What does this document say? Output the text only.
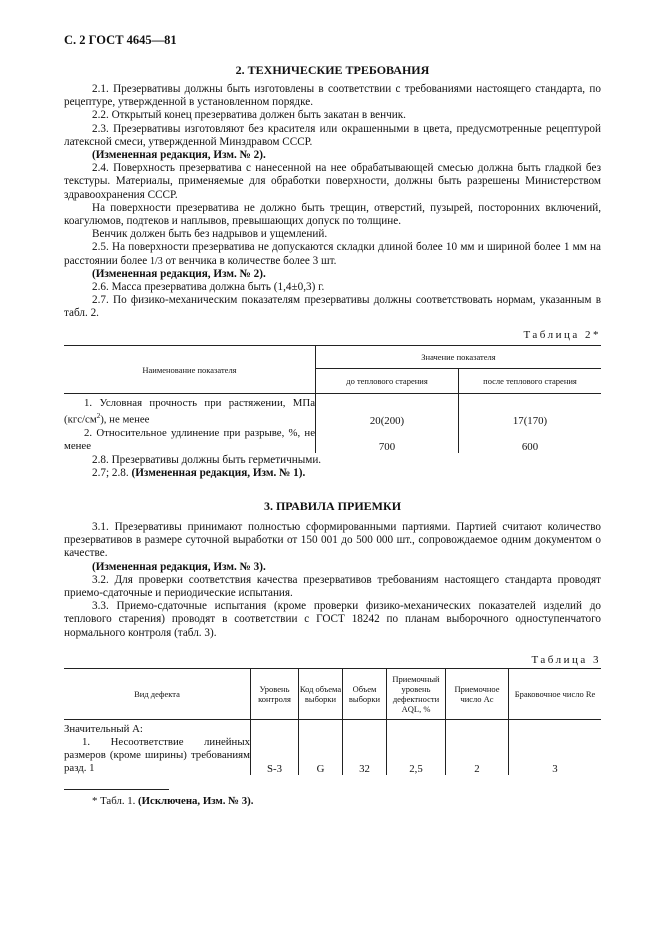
С. 2 ГОСТ 4645—81
2. ТЕХНИЧЕСКИЕ ТРЕБОВАНИЯ

2.1. Презервативы должны быть изготовлены в соответствии с требованиями настоящего стандарта, по рецептуре, утвержденной в установленном порядке.

2.2. Открытый конец презерватива должен быть закатан в венчик.

2.3. Презервативы изготовляют без красителя или окрашенными в цвета, предусмотренные рецептурой латексной смеси, утвержденной Минздравом СССР.

(Измененная редакция, Изм. № 2).

2.4. Поверхность презерватива с нанесенной на нее обрабатывающей смесью должна быть гладкой без текстуры. Материалы, применяемые для обработки поверхности, должны быть разрешены Министерством здравоохранения СССР.

На поверхности презерватива не должно быть трещин, отверстий, пузырей, посторонних включений, коагулюмов, подтеков и наплывов, превышающих допуск по толщине.

Венчик должен быть без надрывов и ущемлений.

2.5. На поверхности презерватива не допускаются складки длиной более 10 мм и шириной более 1 мм на расстоянии более 1/3 от венчика в количестве более 3 шт.

(Измененная редакция, Изм. № 2).

2.6. Масса презерватива должна быть (1,4±0,3) г.

2.7. По физико-механическим показателям презервативы должны соответствовать нормам, указанным в табл. 2.

Таблица 2*
Наименование показателя	Значение показателя	
	до теплового старения	после теплового старения
1. Условная прочность при растяжении, МПа $(кгс/см^2)$, не менее	20(200)	17(170)
2. Относительное удлинение при разрыве, %, не менее	700	600

2.8. Презервативы должны быть герметичными.

2.7; 2.8. (Измененная редакция, Изм. № 1).

3. ПРАВИЛА ПРИЕМКИ

3.1. Презервативы принимают полностью сформированными партиями. Партией считают количество презервативов в размере суточной выработки от 150 001 до 500 000 шт., сопровождаемое одним документом о качестве.

(Измененная редакция, Изм. № 3).

3.2. Для проверки соответствия качества презервативов требованиям настоящего стандарта проводят приемо-сдаточные и периодические испытания.

3.3. Приемо-сдаточные испытания (кроме проверки физико-механических показателей изделий до теплового старения) проводят в соответствии с ГОСТ 18242 по планам выборочного одноступенчатого нормального контроля (табл. 3).

Таблица 3
Вид дефекта	Уровень контроля	Код объема выборки	Объем выборки	Приемочный уровень дефектности AQL, %	Приемочное число Ac	Браковочное число Re

Значительный А:
1. Несоответствие линейных размеров (кроме ширины) требованиям разд. 1	S-3	G	32	2,5	2	3
* Табл. 1. (Исключена, Изм. № 3).
